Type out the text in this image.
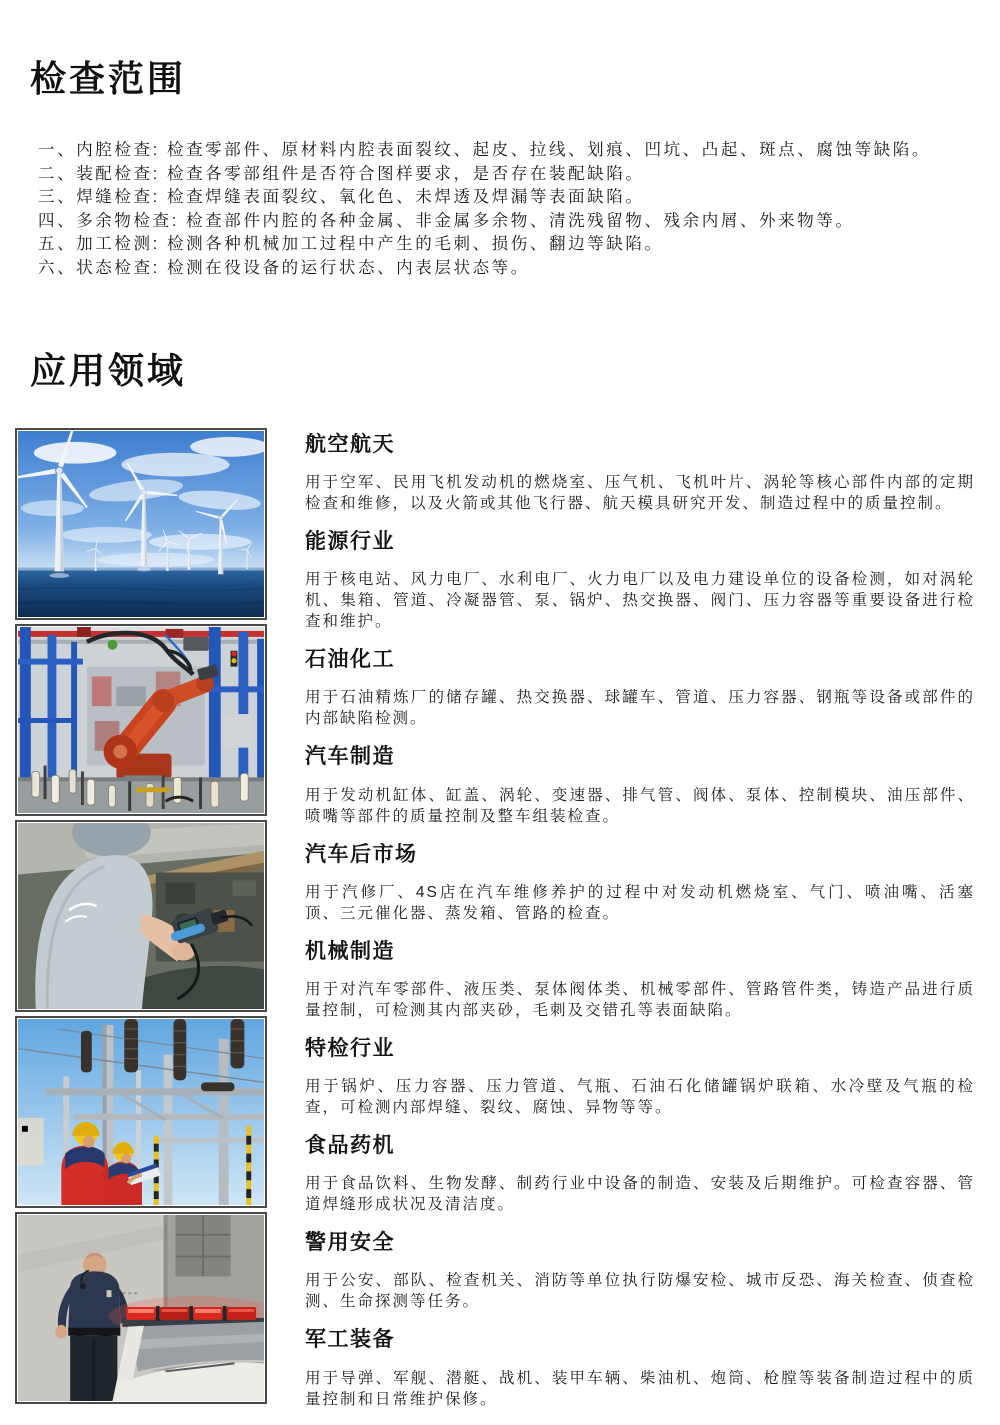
检查范围
一、内腔检查: 检查零部件、原材料内腔表面裂纹、起皮、拉线、划痕、凹坑、凸起、斑点、腐蚀等缺陷。
二、装配检查: 检查各零部组件是否符合图样要求，是否存在装配缺陷。
三、焊缝检查: 检查焊缝表面裂纹、氧化色、未焊透及焊漏等表面缺陷。
四、多余物检查: 检查部件内腔的各种金属、非金属多余物、清洗残留物、残余内屑、外来物等。
五、加工检测: 检测各种机械加工过程中产生的毛刺、损伤、翻边等缺陷。
六、状态检查: 检测在役设备的运行状态、内表层状态等。
应用领域
航空航天

用于空军、民用飞机发动机的燃烧室、压气机、飞机叶片、涡轮等核心部件内部的定期检查和维修，以及火箭或其他飞行器、航天模具研究开发、制造过程中的质量控制。

能源行业

用于核电站、风力电厂、水利电厂、火力电厂以及电力建设单位的设备检测，如对涡轮机、集箱、管道、冷凝器管、泵、锅炉、热交换器、阀门、压力容器等重要设备进行检查和维护。

石油化工

用于石油精炼厂的储存罐、热交换器、球罐车、管道、压力容器、钢瓶等设备或部件的内部缺陷检测。

汽车制造

用于发动机缸体、缸盖、涡轮、变速器、排气管、阀体、泵体、控制模块、油压部件、喷嘴等部件的质量控制及整车组装检查。

汽车后市场

用于汽修厂、4S店在汽车维修养护的过程中对发动机燃烧室、气门、喷油嘴、活塞顶、三元催化器、蒸发箱、管路的检查。

机械制造

用于对汽车零部件、液压类、泵体阀体类、机械零部件、管路管件类，铸造产品进行质量控制，可检测其内部夹砂，毛刺及交错孔等表面缺陷。

特检行业

用于锅炉、压力容器、压力管道、气瓶、石油石化储罐锅炉联箱、水冷壁及气瓶的检查，可检测内部焊缝、裂纹、腐蚀、异物等等。

食品药机

用于食品饮料、生物发酵、制药行业中设备的制造、安装及后期维护。可检查容器、管道焊缝形成状况及清洁度。

警用安全

用于公安、部队、检查机关、消防等单位执行防爆安检、城市反恐、海关检查、侦查检测、生命探测等任务。

军工装备

用于导弹、军舰、潜艇、战机、装甲车辆、柴油机、炮筒、枪膛等装备制造过程中的质量控制和日常维护保修。
